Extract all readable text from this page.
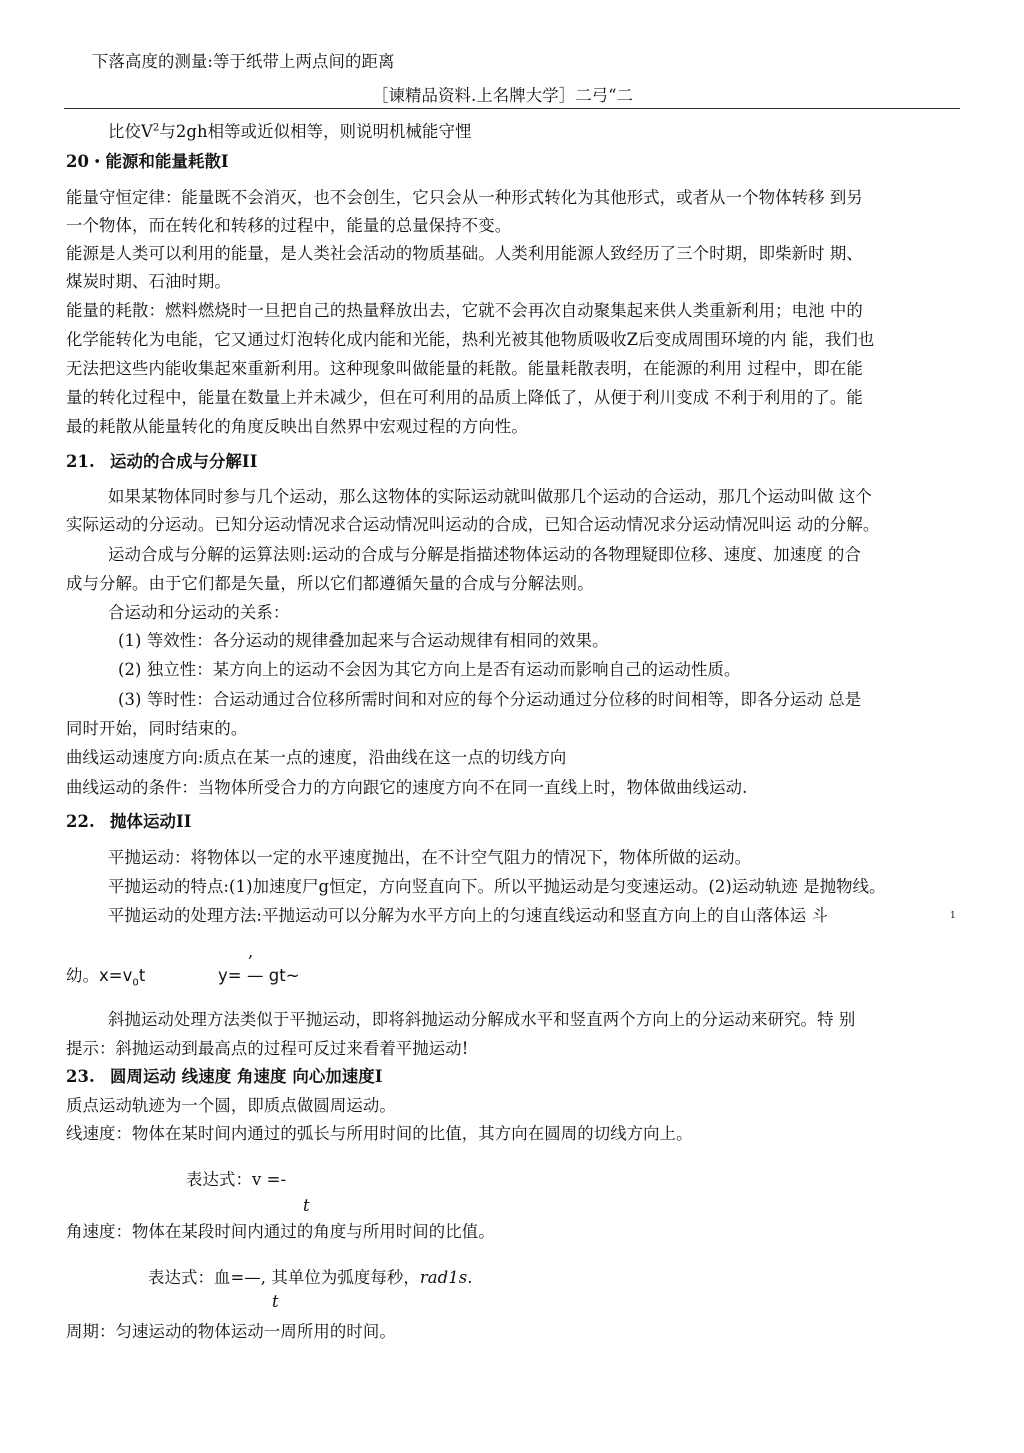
下落高度的测量:等于纸带上两点间的距离
［谏精品资料.上名牌大学］二弓“二
比佼$V^2$与2gh相等或近似相等，则说明机械能守悝
20・能源和能量耗散I
能量守恒定律：能量既不会消灭，也不会创生，它只会从一种形式转化为其他形式，或者从一个物体转移 到另
一个物体，而在转化和转移的过程中，能量的总量保持不变。
能源是人类可以利用的能量，是人类社会活动的物质基础。人类利用能源人致经历了三个时期，即柴新时 期、
煤炭时期、石油时期。
能量的耗散：燃料燃烧时一旦把自己的热量释放出去，它就不会再次自动聚集起来供人类重新利用；电池 中的
化学能转化为电能，它又通过灯泡转化成内能和光能，热利光被其他物质吸收Z后变成周围环境的内 能，我们也
无法把这些内能收集起來重新利用。这种现象叫做能量的耗散。能量耗散表明，在能源的利用 过程中，即在能
量的转化过程中，能量在数量上并未减少，但在可利用的品质上降低了，从便于利川变成 不利于利用的了。能
最的耗散从能量转化的角度反映出自然界中宏观过程的方向性。
21. 运动的合成与分解II
如果某物体同时参与几个运动，那么这物体的实际运动就叫做那几个运动的合运动，那几个运动叫做 这个
实际运动的分运动。已知分运动情况求合运动情况叫运动的合成，已知合运动情况求分运动情况叫运 动的分解。
运动合成与分解的运算法则:运动的合成与分解是指描述物体运动的各物理疑即位移、速度、加速度 的合
成与分解。由于它们都是矢量，所以它们都遵循矢量的合成与分解法则。
合运动和分运动的关系：
(1) 等效性：各分运动的规律叠加起来与合运动规律有相同的效果。
(2) 独立性：某方向上的运动不会因为其它方向上是否有运动而影响自己的运动性质。
(3) 等时性：合运动通过合位移所需时间和对应的每个分运动通过分位移的时间相等，即各分运动 总是
同时开始，同时结束的。
曲线运动速度方向:质点在某一点的速度，沿曲线在这一点的切线方向
曲线运动的条件：当物体所受合力的方向跟它的速度方向不在同一直线上时，物体做曲线运动.
22. 抛体运动II
平抛运动：将物体以一定的水平速度抛出，在不计空气阻力的情况下，物体所做的运动。
平抛运动的特点:(1)加速度尸g恒定，方向竖直向下。所以平抛运动是匀变速运动。(2)运动轨迹 是抛物线。
平抛运动的处理方法:平抛运动可以分解为水平方向上的匀速直线运动和竖直方向上的自山落体运 斗	1
,
幼。$x=v_0t$	y= — gt~
斜抛运动处理方法类似于平抛运动，即将斜抛运动分解成水平和竖直两个方向上的分运动来研究。特 别
提示：斜抛运动到最高点的过程可反过来看着平抛运动!
23. 圆周运动 线速度 角速度 向心加速度I
质点运动轨迹为一个圆，即质点做圆周运动。
线速度：物体在某时间内通过的弧长与所用时间的比值，其方向在圆周的切线方向上。
表达式：v =-
t
角速度：物体在某段时间内通过的角度与所用时间的比值。
表达式：血=—, 其单位为弧度每秒，rad1s.
t
周期：匀速运动的物体运动一周所用的时间。
